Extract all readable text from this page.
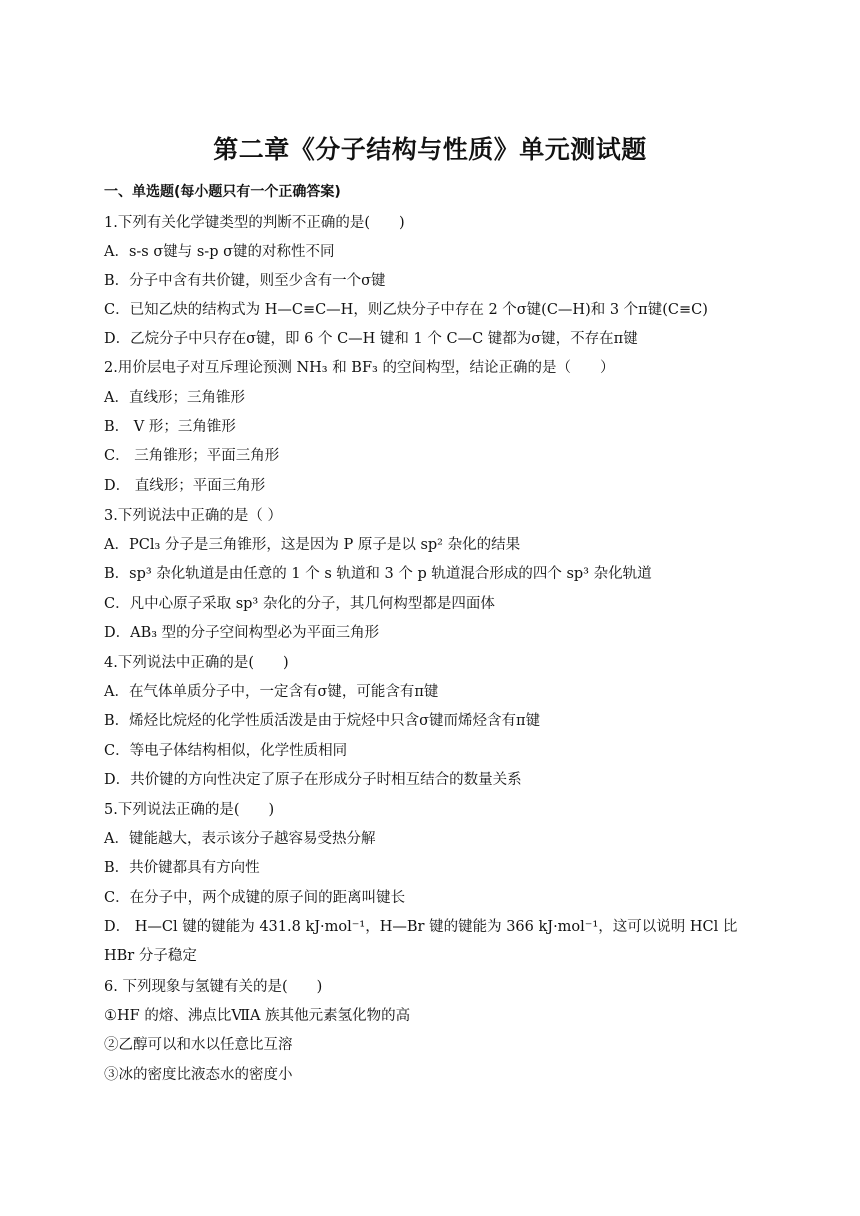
第二章《分子结构与性质》单元测试题
一、单选题(每小题只有一个正确答案)
1.下列有关化学键类型的判断不正确的是(　　)
A．s-s σ键与 s-p σ键的对称性不同
B．分子中含有共价键，则至少含有一个σ键
C．已知乙炔的结构式为 H—C≡C—H，则乙炔分子中存在 2 个σ键(C—H)和 3 个π键(C≡C)
D．乙烷分子中只存在σ键，即 6 个 C—H 键和 1 个 C—C 键都为σ键，不存在π键
2.用价层电子对互斥理论预测 NH₃ 和 BF₃ 的空间构型，结论正确的是（　　）
A．直线形；三角锥形
B． V 形；三角锥形
C． 三角锥形；平面三角形
D． 直线形；平面三角形
3.下列说法中正确的是（ ）
A．PCl₃ 分子是三角锥形，这是因为 P 原子是以 sp² 杂化的结果
B．sp³ 杂化轨道是由任意的 1 个 s 轨道和 3 个 p 轨道混合形成的四个 sp³ 杂化轨道
C．凡中心原子采取 sp³ 杂化的分子，其几何构型都是四面体
D．AB₃ 型的分子空间构型必为平面三角形
4.下列说法中正确的是(　　)
A．在气体单质分子中，一定含有σ键，可能含有π键
B．烯烃比烷烃的化学性质活泼是由于烷烃中只含σ键而烯烃含有π键
C．等电子体结构相似，化学性质相同
D．共价键的方向性决定了原子在形成分子时相互结合的数量关系
5.下列说法正确的是(　　)
A．键能越大，表示该分子越容易受热分解
B．共价键都具有方向性
C．在分子中，两个成键的原子间的距离叫键长
D． H—Cl 键的键能为 431.8 kJ·mol⁻¹，H—Br 键的键能为 366 kJ·mol⁻¹，这可以说明 HCl 比 HBr 分子稳定
6. 下列现象与氢键有关的是(　　)
①HF 的熔、沸点比ⅦA 族其他元素氢化物的高
②乙醇可以和水以任意比互溶
③冰的密度比液态水的密度小
